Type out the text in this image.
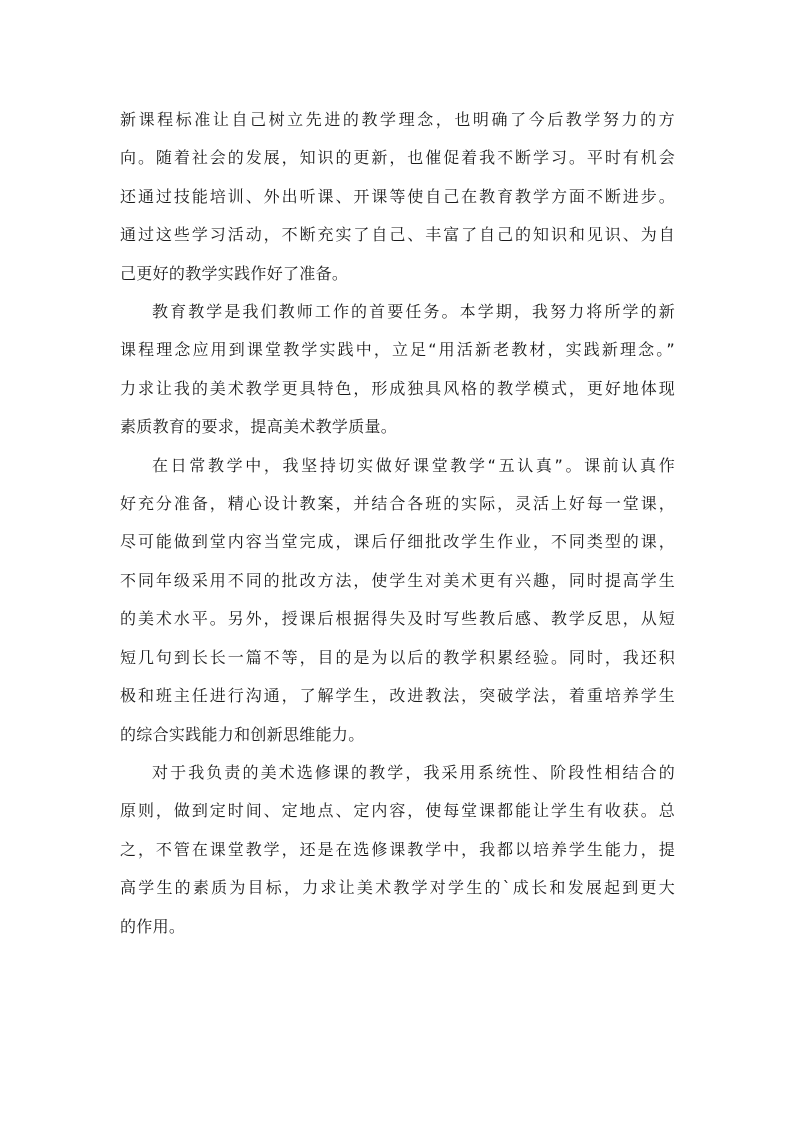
新课程标准让自己树立先进的教学理念，也明确了今后教学努力的方
向。随着社会的发展，知识的更新，也催促着我不断学习。平时有机会
还通过技能培训、外出听课、开课等使自己在教育教学方面不断进步。
通过这些学习活动，不断充实了自己、丰富了自己的知识和见识、为自
己更好的教学实践作好了准备。

教育教学是我们教师工作的首要任务。本学期，我努力将所学的新
课程理念应用到课堂教学实践中，立足“用活新老教材，实践新理念。”
力求让我的美术教学更具特色，形成独具风格的教学模式，更好地体现
素质教育的要求，提高美术教学质量。

在日常教学中，我坚持切实做好课堂教学“五认真”。课前认真作
好充分准备，精心设计教案，并结合各班的实际，灵活上好每一堂课，
尽可能做到堂内容当堂完成，课后仔细批改学生作业，不同类型的课，
不同年级采用不同的批改方法，使学生对美术更有兴趣，同时提高学生
的美术水平。另外，授课后根据得失及时写些教后感、教学反思，从短
短几句到长长一篇不等，目的是为以后的教学积累经验。同时，我还积
极和班主任进行沟通，了解学生，改进教法，突破学法，着重培养学生
的综合实践能力和创新思维能力。

对于我负责的美术选修课的教学，我采用系统性、阶段性相结合的
原则，做到定时间、定地点、定内容，使每堂课都能让学生有收获。总
之，不管在课堂教学，还是在选修课教学中，我都以培养学生能力，提
高学生的素质为目标，力求让美术教学对学生的`成长和发展起到更大
的作用。
